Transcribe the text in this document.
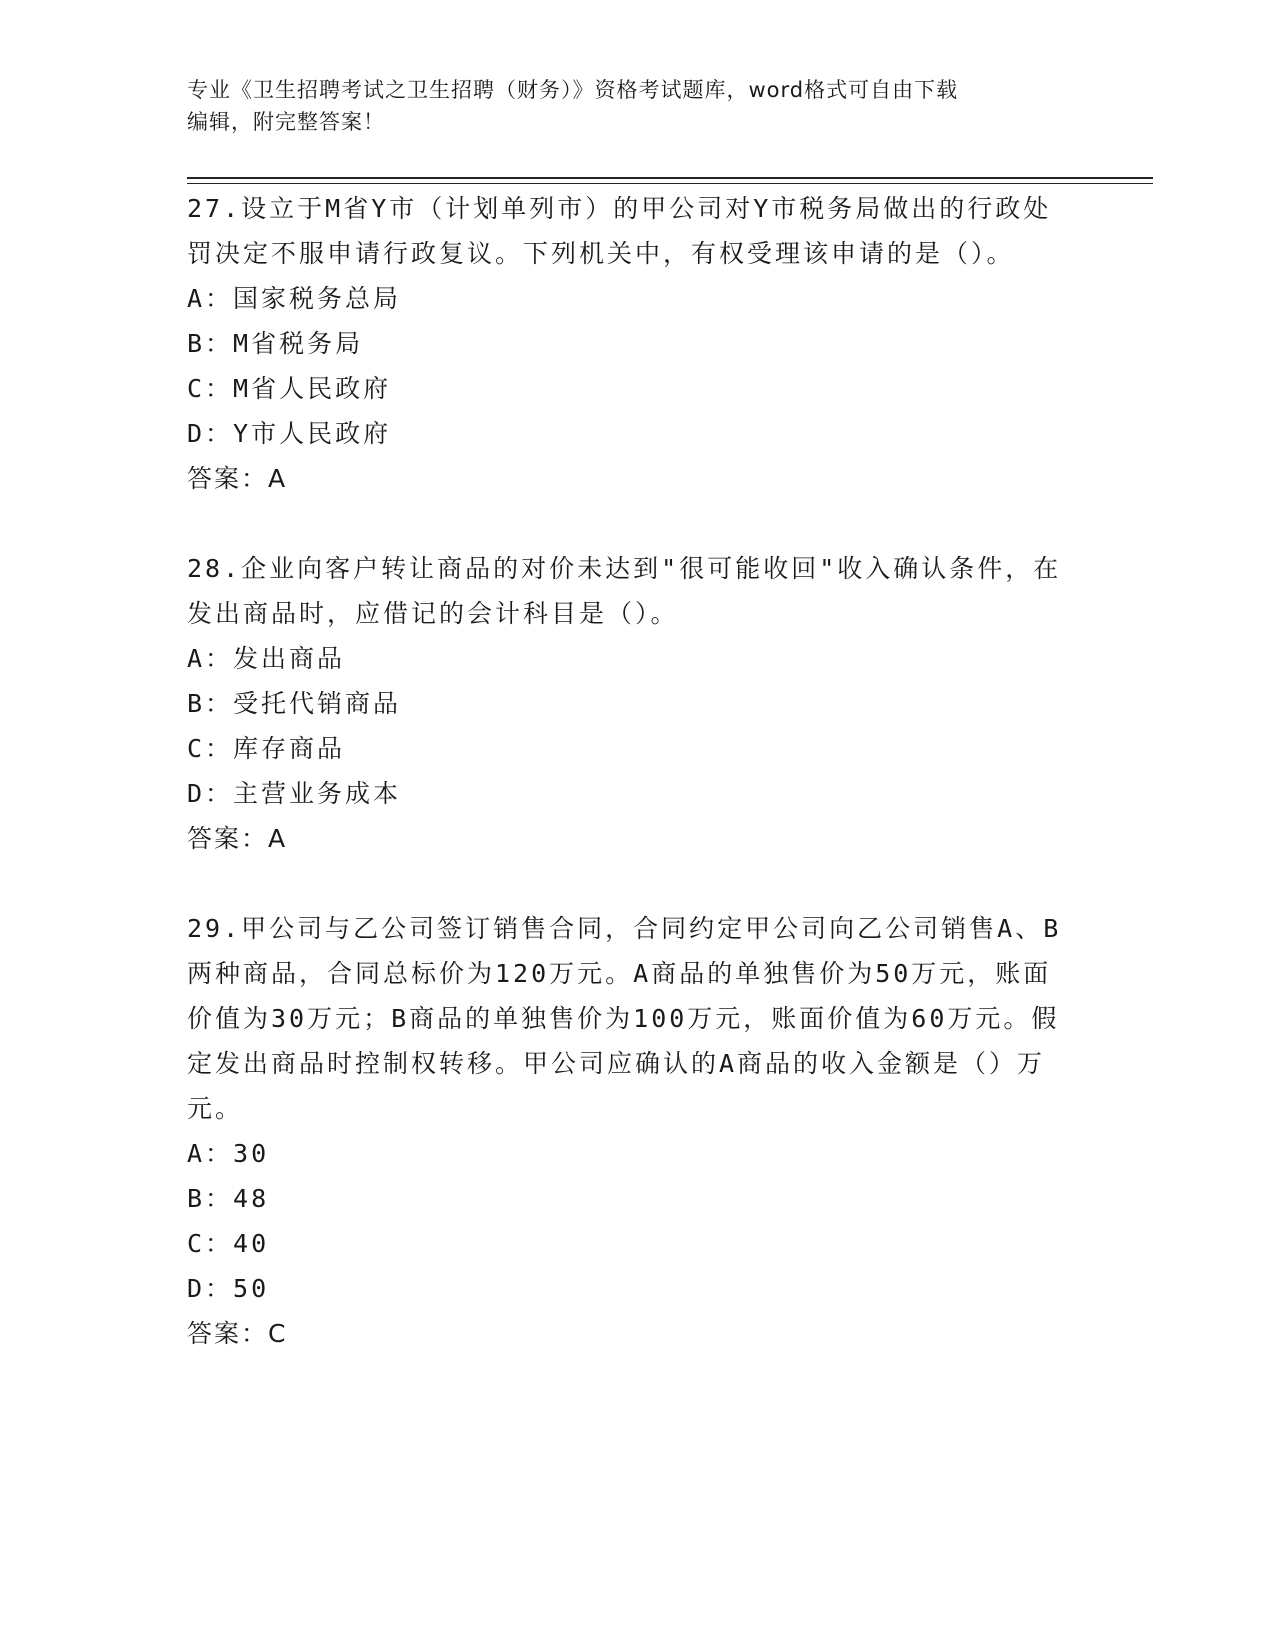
专业《卫生招聘考试之卫生招聘（财务）》资格考试题库，word格式可自由下载
编辑，附完整答案！
27.设立于M省Y市（计划单列市）的甲公司对Y市税务局做出的行政处罚决定不服申请行政复议。下列机关中，有权受理该申请的是（）。
A：国家税务总局
B：M省税务局
C：M省人民政府
D：Y市人民政府
答案：A
28.企业向客户转让商品的对价未达到"很可能收回"收入确认条件，在发出商品时，应借记的会计科目是（）。
A：发出商品
B：受托代销商品
C：库存商品
D：主营业务成本
答案：A
29.甲公司与乙公司签订销售合同，合同约定甲公司向乙公司销售A、B两种商品，合同总标价为120万元。A商品的单独售价为50万元，账面价值为30万元；B商品的单独售价为100万元，账面价值为60万元。假定发出商品时控制权转移。甲公司应确认的A商品的收入金额是（）万元。
A：30
B：48
C：40
D：50
答案：C
